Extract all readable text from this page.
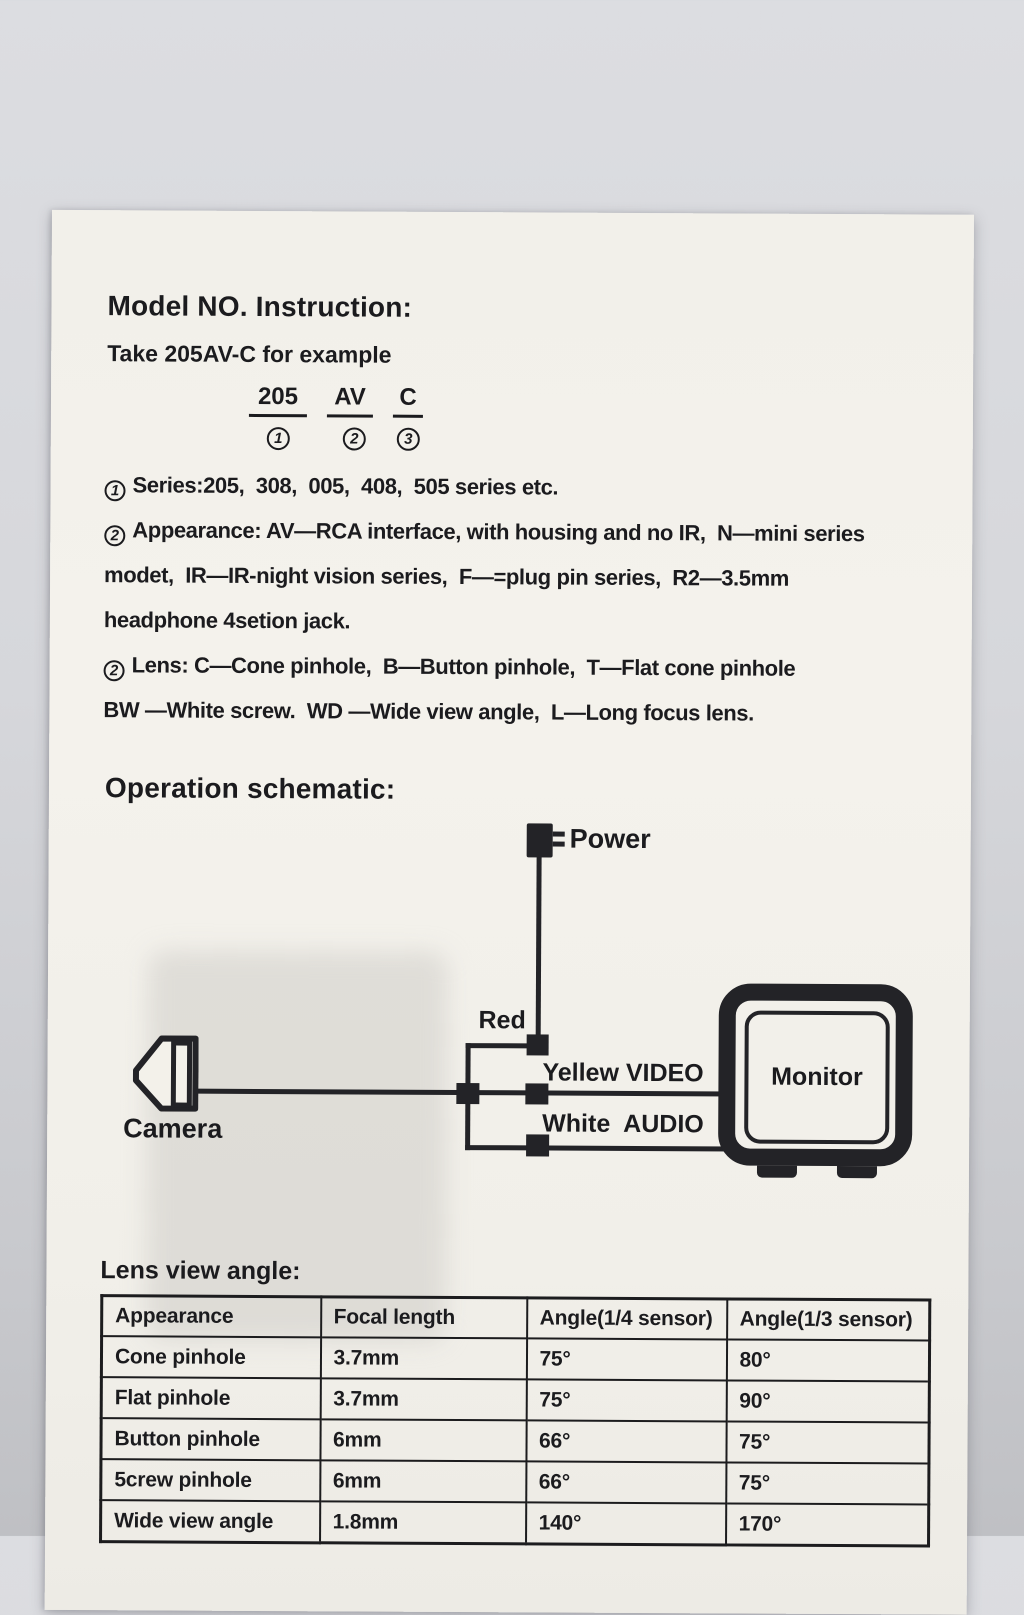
Model NO. Instruction:
Take 205AV-C for example
205	AV	C
1	2	3
1 Series:205,  308,  005,  408,  505 series etc.
2 Appearance: AV—RCA interface, with housing and no IR,  N—mini series
modet,  IR—IR-night vision series,  F—=plug pin series,  R2—3.5mm
headphone 4setion jack.
2 Lens: C—Cone pinhole,  B—Button pinhole,  T—Flat cone pinhole
BW —White screw.  WD —Wide view angle,  L—Long focus lens.
Operation schematic:
Power
Red
Yellew VIDEO
White  AUDIO
Camera
Monitor
Lens view angle:
Appearance	Focal length	Angle(1/4 sensor)	Angle(1/3 sensor)
Cone pinhole	3.7mm	75°	80°
Flat pinhole	3.7mm	75°	90°
Button pinhole	6mm	66°	75°
5crew pinhole	6mm	66°	75°
Wide view angle	1.8mm	140°	170°
